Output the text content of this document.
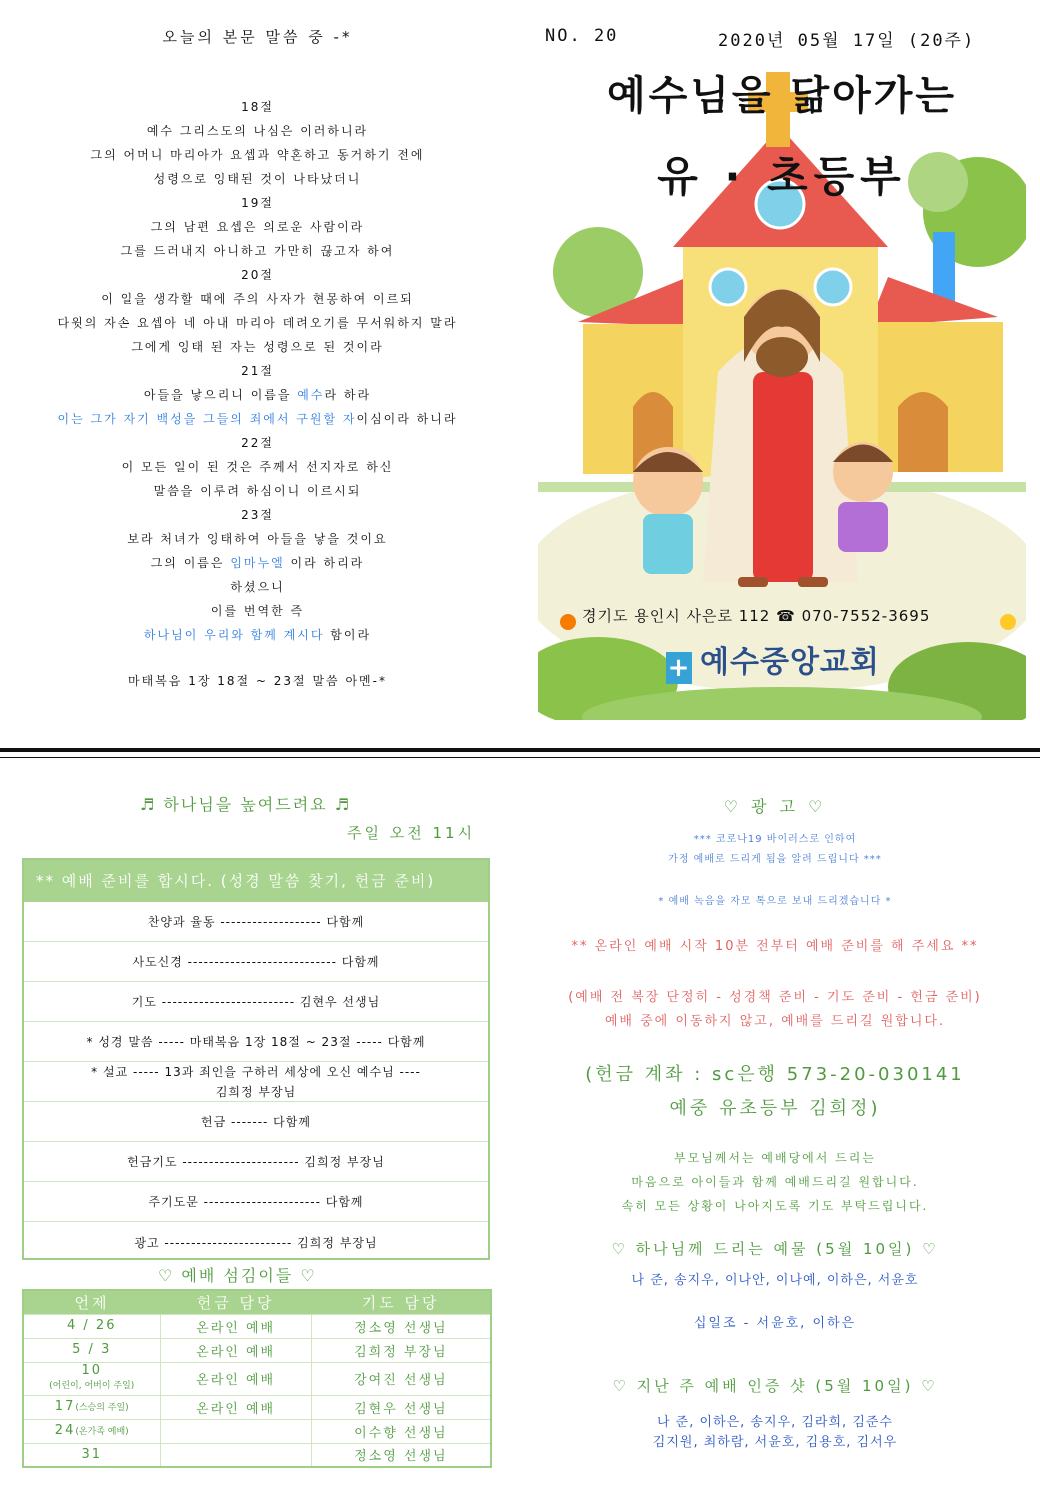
오늘의 본문 말씀 중 -*
18절
예수 그리스도의 나심은 이러하니라
그의 어머니 마리아가 요셉과 약혼하고 동거하기 전에
성령으로 잉태된 것이 나타났더니
19절
그의 남편 요셉은 의로운 사람이라
그를 드러내지 아니하고 가만히 끊고자 하여
20절
이 일을 생각할 때에 주의 사자가 현몽하여 이르되
다윗의 자손 요셉아 네 아내 마리아 데려오기를 무서워하지 말라
그에게 잉태 된 자는 성령으로 된 것이라
21절
아들을 낳으리니 이름을 예수라 하라
이는 그가 자기 백성을 그들의 죄에서 구원할 자이심이라 하니라
22절
이 모든 일이 된 것은 주께서 선지자로 하신
말씀을 이루려 하심이니 이르시되
23절
보라 처녀가 잉태하여 아들을 낳을 것이요
그의 이름은 임마누엘 이라 하리라
하셨으니
이를 번역한 즉
하나님이 우리와 함께 계시다 함이라
마태복음 1장 18절 ~ 23절 말씀 아멘-*
NO. 20	2020년 05월 17일 (20주)
예수님을 닮아가는
유 · 초등부
경기도 용인시 사은로 112 ☎ 070-7552-3695
+ 예수중앙교회
♬ 하나님을 높여드려요 ♬
주일 오전 11시
** 예배 준비를 합시다. (성경 말씀 찾기, 헌금 준비)
찬양과 율동 ------------------- 다함께
사도신경 ---------------------------- 다함께
기도 ------------------------- 김현우 선생님
* 성경 말씀 ----- 마태복음 1장 18절 ~ 23절 ----- 다함께
* 설교 ----- 13과 죄인을 구하러 세상에 오신 예수님 ----
김희정 부장님
헌금 ------- 다함께
헌금기도 ---------------------- 김희정 부장님
주기도문 ---------------------- 다함께
광고 ------------------------ 김희정 부장님
♡ 예배 섬김이들 ♡
언제	헌금 담당	기도 담당
4 / 26	온라인 예배	정소영 선생님
5 / 3	온라인 예배	김희정 부장님
10
(어린이, 어버이 주일)	온라인 예배	강여진 선생님
17(스승의 주일)	온라인 예배	김현우 선생님
24(온가족 예배)		이수향 선생님
31		정소영 선생님
♡ 광 고 ♡
*** 코로나19 바이러스로 인하여
가정 예배로 드리게 됨을 알려 드립니다 ***
* 예배 녹음을 자모 톡으로 보내 드리겠습니다 *
** 온라인 예배 시작 10분 전부터 예배 준비를 해 주세요 **
(예배 전 복장 단정히 - 성경책 준비 - 기도 준비 - 헌금 준비)
예배 중에 이동하지 않고, 예배를 드리길 원합니다.
(헌금 계좌 : sc은행 573-20-030141
예중 유초등부 김희정)
부모님께서는 예배당에서 드리는
마음으로 아이들과 함께 예배드리길 원합니다.
속히 모든 상황이 나아지도록 기도 부탁드립니다.
♡ 하나님께 드리는 예물 (5월 10일) ♡
나 준, 송지우, 이나안, 이나예, 이하은, 서윤호
십일조 - 서윤호, 이하은
♡ 지난 주 예배 인증 샷 (5월 10일) ♡
나 준, 이하은, 송지우, 김라희, 김준수
김지원, 최하람, 서윤호, 김용호, 김서우
